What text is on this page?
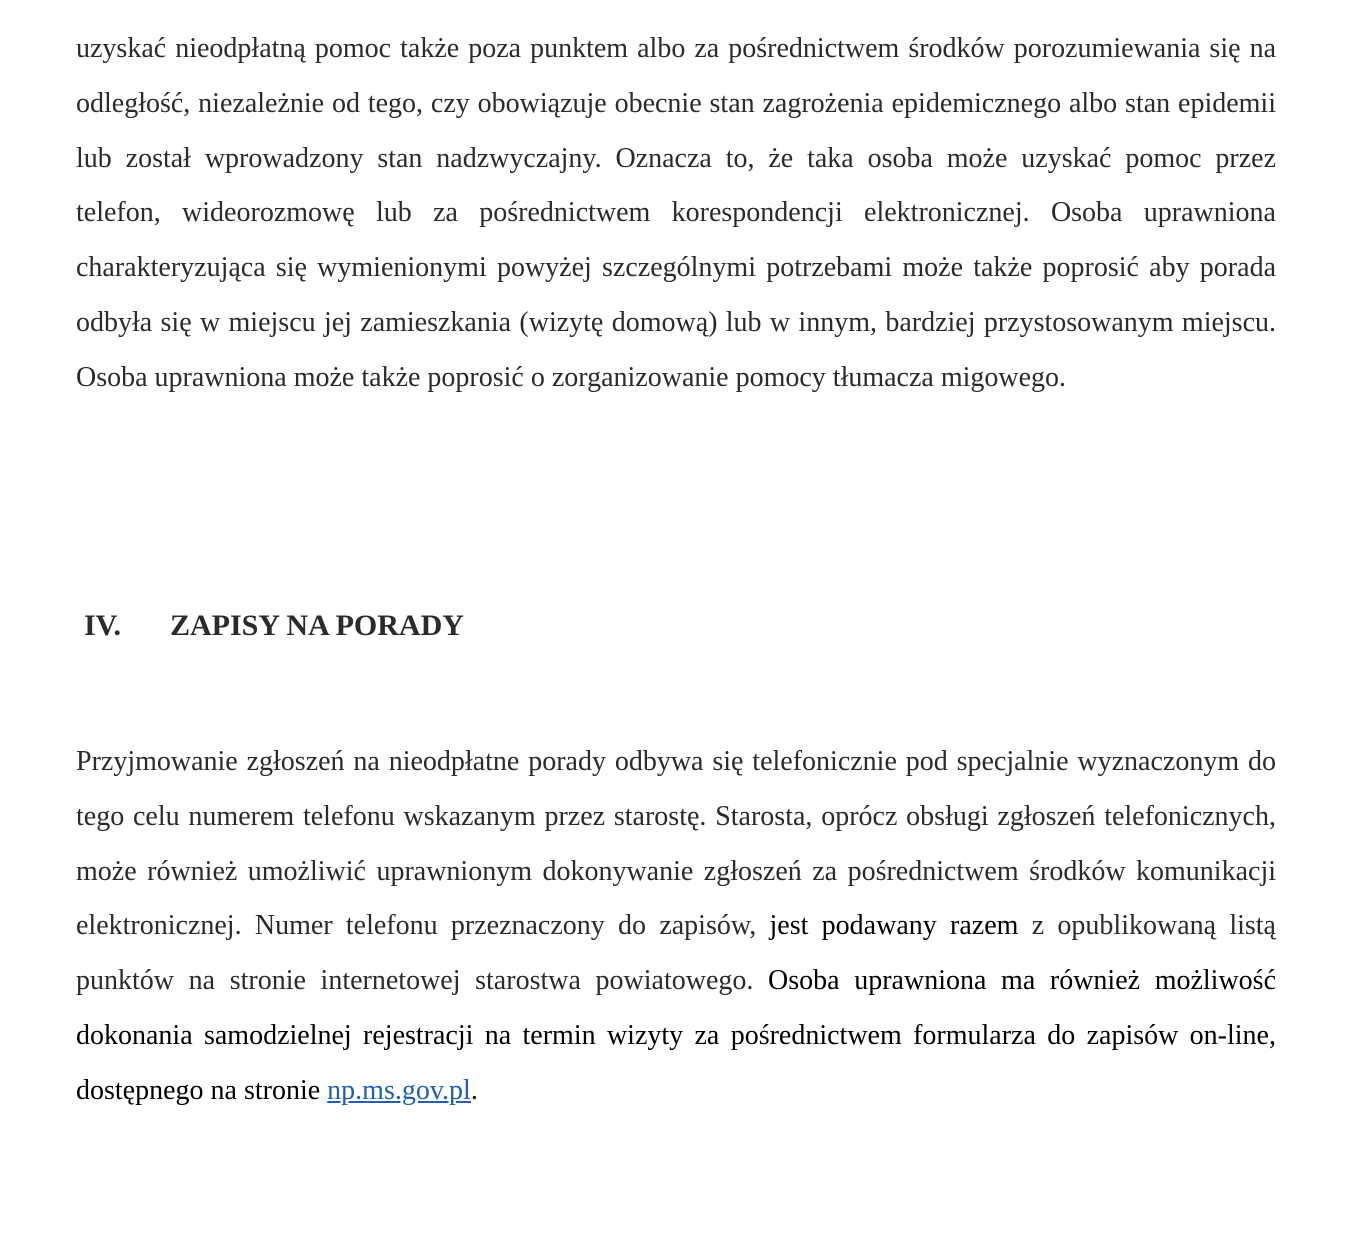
uzyskać nieodpłatną pomoc także poza punktem albo za pośrednictwem środków porozumiewania się na odległość, niezależnie od tego, czy obowiązuje obecnie stan zagrożenia epidemicznego albo stan epidemii lub został wprowadzony stan nadzwyczajny. Oznacza to, że taka osoba może uzyskać pomoc przez telefon, wideorozmowę lub za pośrednictwem korespondencji elektronicznej. Osoba uprawniona charakteryzująca się wymienionymi powyżej szczególnymi potrzebami może także poprosić aby porada odbyła się w miejscu jej zamieszkania (wizytę domową) lub w innym, bardziej przystosowanym miejscu. Osoba uprawniona może także poprosić o zorganizowanie pomocy tłumacza migowego.

IV. ZAPISY NA PORADY

Przyjmowanie zgłoszeń na nieodpłatne porady odbywa się telefonicznie pod specjalnie wyznaczonym do tego celu numerem telefonu wskazanym przez starostę. Starosta, oprócz obsługi zgłoszeń telefonicznych, może również umożliwić uprawnionym dokonywanie zgłoszeń za pośrednictwem środków komunikacji elektronicznej. Numer telefonu przeznaczony do zapisów, jest podawany razem z opublikowaną listą punktów na stronie internetowej starostwa powiatowego. Osoba uprawniona ma również możliwość dokonania samodzielnej rejestracji na termin wizyty za pośrednictwem formularza do zapisów on-line, dostępnego na stronie np.ms.gov.pl.
